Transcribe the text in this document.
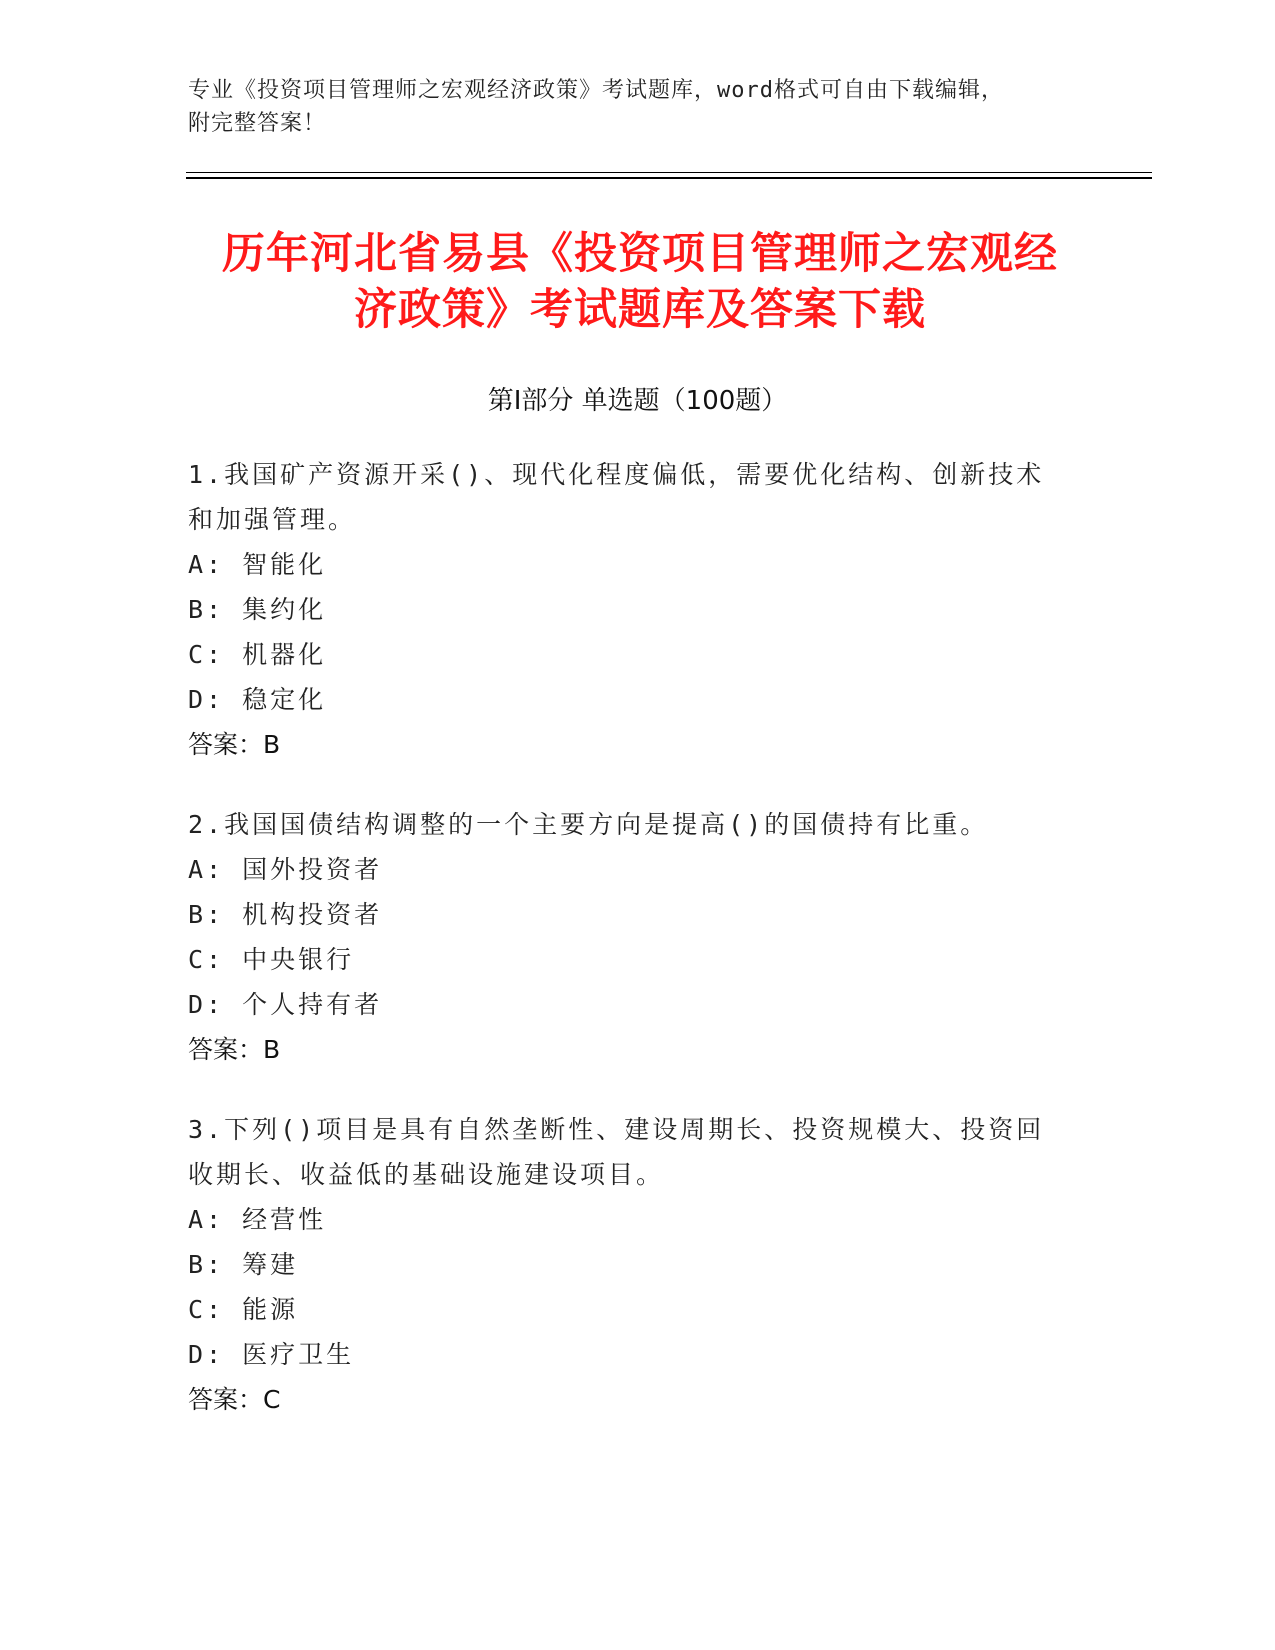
专业《投资项目管理师之宏观经济政策》考试题库，word格式可自由下载编辑，
附完整答案！
历年河北省易县《投资项目管理师之宏观经
济政策》考试题库及答案下载
第Ⅰ部分 单选题（100题）

1.我国矿产资源开采()、现代化程度偏低，需要优化结构、创新技术

和加强管理。

A: 智能化

B: 集约化

C: 机器化

D: 稳定化

答案：B

2.我国国债结构调整的一个主要方向是提高()的国债持有比重。

A: 国外投资者

B: 机构投资者

C: 中央银行

D: 个人持有者

答案：B

3.下列()项目是具有自然垄断性、建设周期长、投资规模大、投资回

收期长、收益低的基础设施建设项目。

A: 经营性

B: 筹建

C: 能源

D: 医疗卫生

答案：C
